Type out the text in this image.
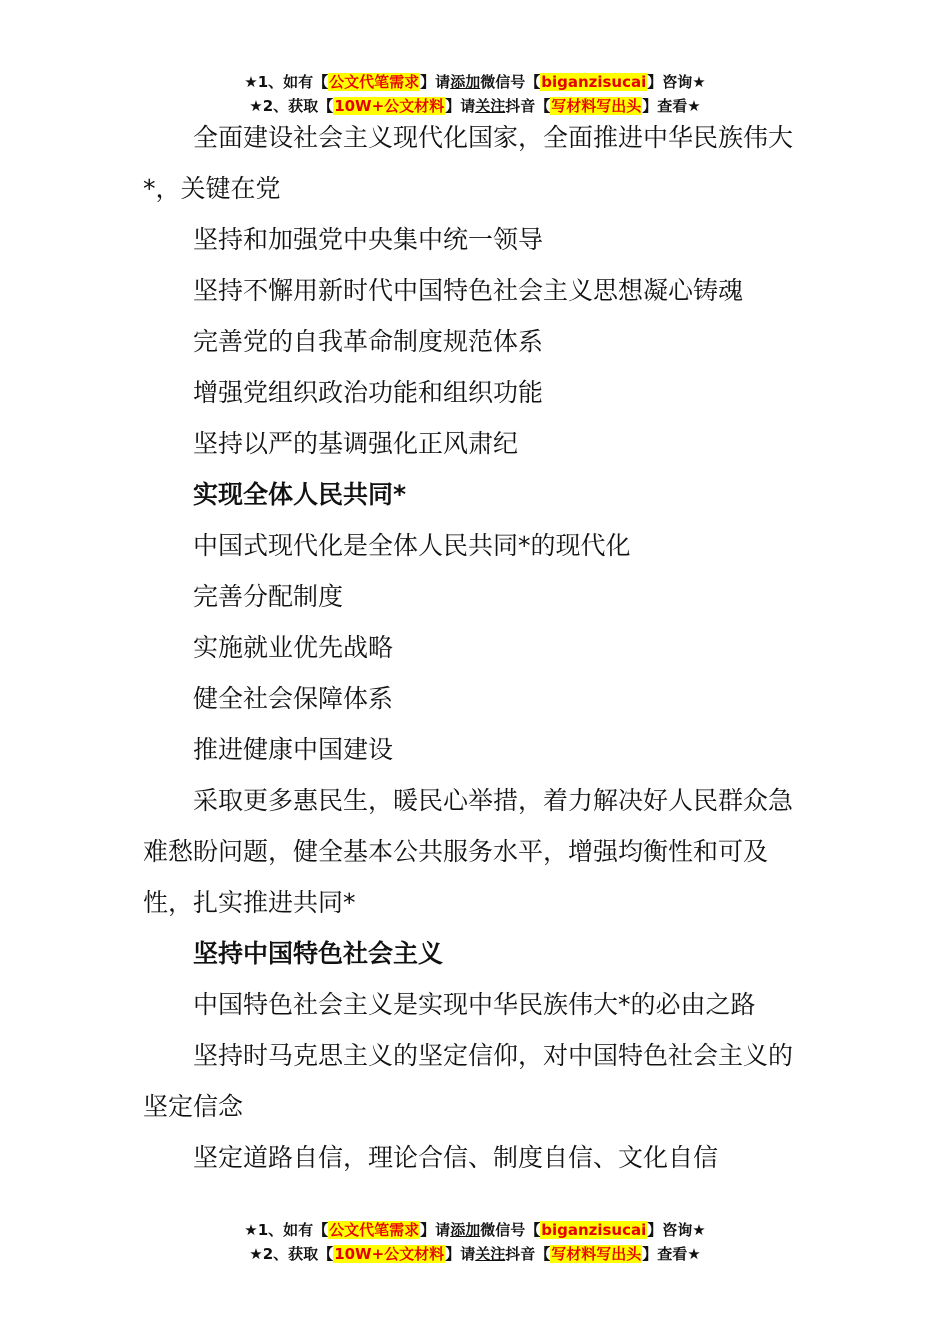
★1、如有【公文代笔需求】请添加微信号【biganzisucai】咨询★
★2、获取【10W+公文材料】请关注抖音【写材料写出头】查看★

全面建设社会主义现代化国家，全面推进中华民族伟大*，关键在党

坚持和加强党中央集中统一领导

坚持不懈用新时代中国特色社会主义思想凝心铸魂

完善党的自我革命制度规范体系

增强党组织政治功能和组织功能

坚持以严的基调强化正风肃纪

实现全体人民共同*

中国式现代化是全体人民共同*的现代化

完善分配制度

实施就业优先战略

健全社会保障体系

推进健康中国建设

采取更多惠民生，暖民心举措，着力解决好人民群众急难愁盼问题，健全基本公共服务水平，增强均衡性和可及性，扎实推进共同*

坚持中国特色社会主义

中国特色社会主义是实现中华民族伟大*的必由之路

坚持时马克思主义的坚定信仰，对中国特色社会主义的坚定信念

坚定道路自信，理论合信、制度自信、文化自信

★1、如有【公文代笔需求】请添加微信号【biganzisucai】咨询★
★2、获取【10W+公文材料】请关注抖音【写材料写出头】查看★
